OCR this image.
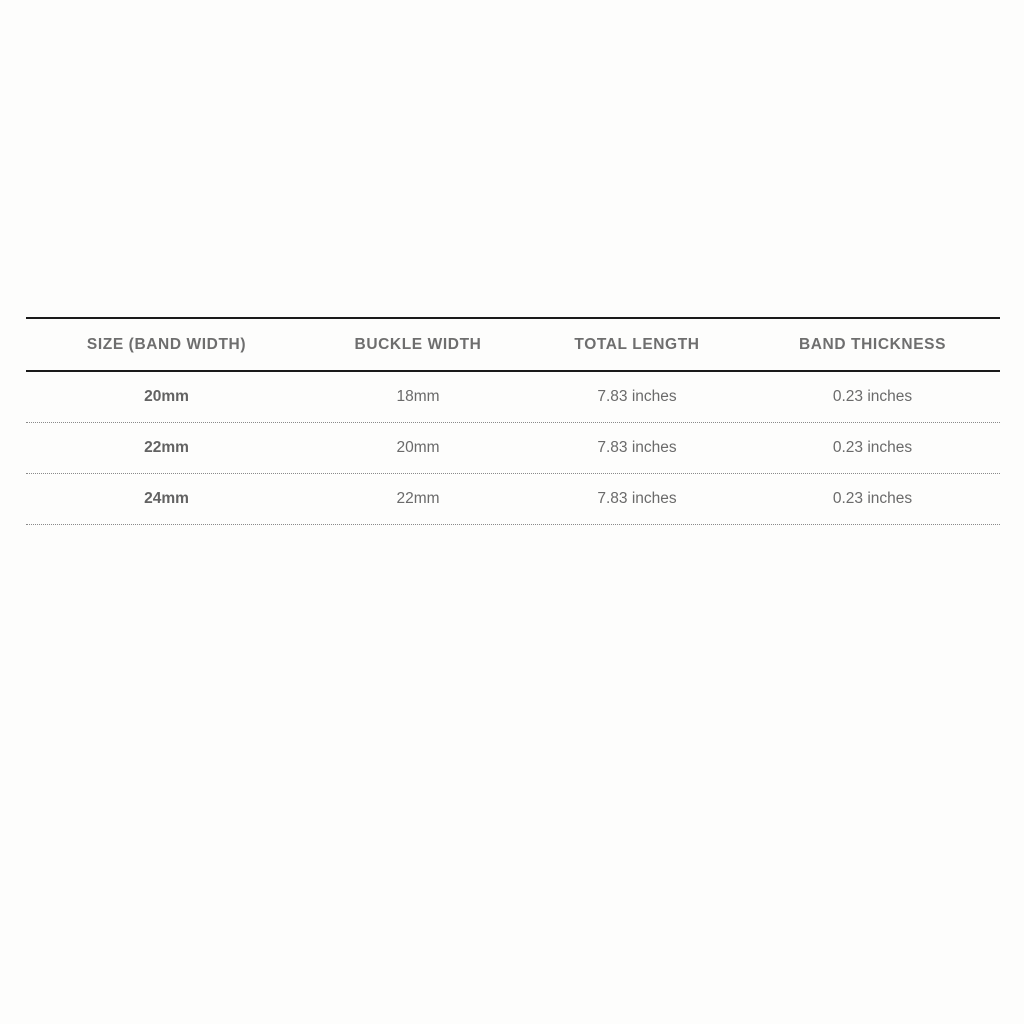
SIZE (BAND WIDTH)	BUCKLE WIDTH	TOTAL LENGTH	BAND THICKNESS
20mm	18mm	7.83 inches	0.23 inches
22mm	20mm	7.83 inches	0.23 inches
24mm	22mm	7.83 inches	0.23 inches
